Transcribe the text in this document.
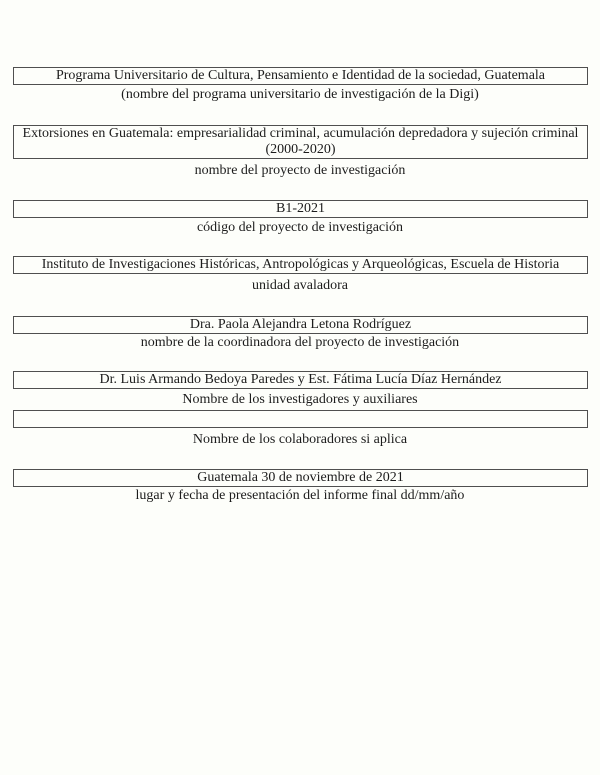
Programa Universitario de Cultura, Pensamiento e Identidad de la sociedad, Guatemala
(nombre del programa universitario de investigación de la Digi)
Extorsiones en Guatemala: empresarialidad criminal, acumulación depredadora y sujeción criminal (2000-2020)
nombre del proyecto de investigación
B1-2021
código del proyecto de investigación
Instituto de Investigaciones Históricas, Antropológicas y Arqueológicas, Escuela de Historia
unidad avaladora
Dra. Paola Alejandra Letona Rodríguez
nombre de la coordinadora del proyecto de investigación
Dr. Luis Armando Bedoya Paredes y Est. Fátima Lucía Díaz Hernández
Nombre de los investigadores y auxiliares
Nombre de los colaboradores si aplica
Guatemala 30 de noviembre de 2021
lugar y fecha de presentación del informe final dd/mm/año
